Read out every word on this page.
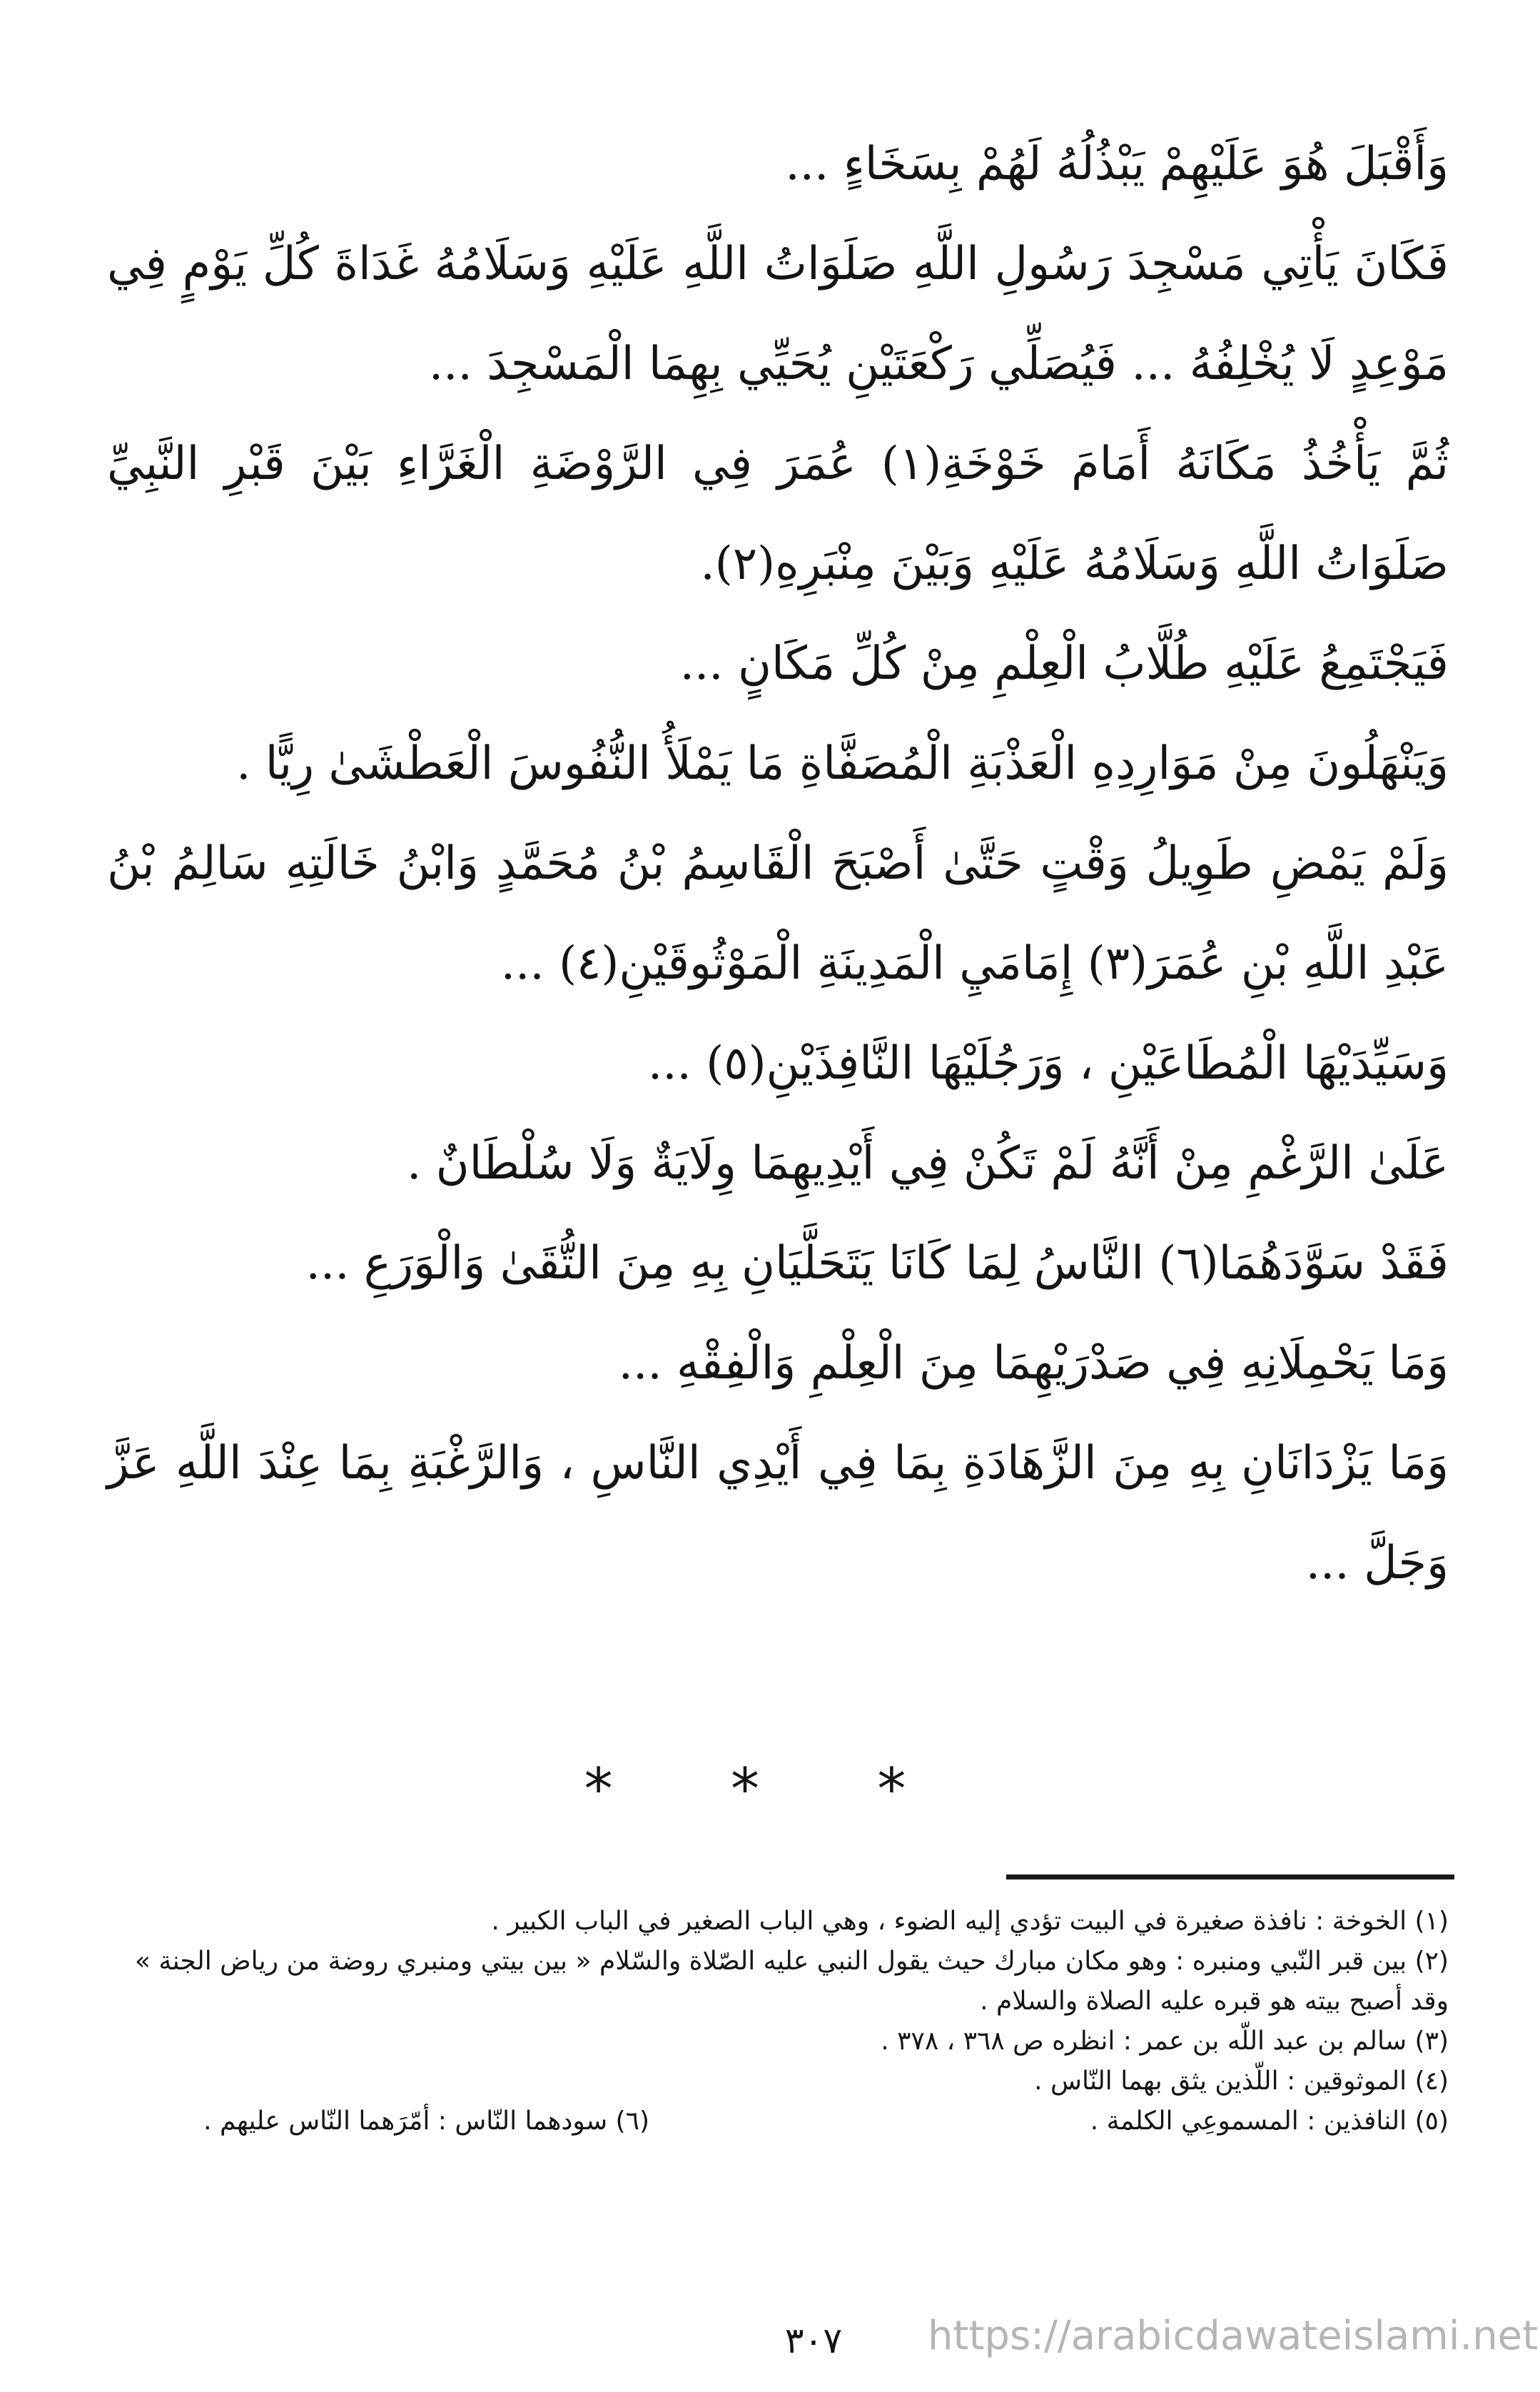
وَأَقْبَلَ هُوَ عَلَيْهِمْ يَبْذُلُهُ لَهُمْ بِسَخَاءٍ ...

فَكَانَ يَأْتِي مَسْجِدَ رَسُولِ اللَّهِ صَلَوَاتُ اللَّهِ عَلَيْهِ وَسَلَامُهُ غَدَاةَ كُلِّ يَوْمٍ فِي مَوْعِدٍ لَا يُخْلِفُهُ ... فَيُصَلِّي رَكْعَتَيْنِ يُحَيِّي بِهِمَا الْمَسْجِدَ ...

ثُمَّ يَأْخُذُ مَكَانَهُ أَمَامَ خَوْخَةِ(١) عُمَرَ فِي الرَّوْضَةِ الْغَرَّاءِ بَيْنَ قَبْرِ النَّبِيِّ صَلَوَاتُ اللَّهِ وَسَلَامُهُ عَلَيْهِ وَبَيْنَ مِنْبَرِهِ(٢).

فَيَجْتَمِعُ عَلَيْهِ طُلَّابُ الْعِلْمِ مِنْ كُلِّ مَكَانٍ ...

وَيَنْهَلُونَ مِنْ مَوَارِدِهِ الْعَذْبَةِ الْمُصَفَّاةِ مَا يَمْلَأُ النُّفُوسَ الْعَطْشَىٰ رِيًّا .

وَلَمْ يَمْضِ طَوِيلُ وَقْتٍ حَتَّىٰ أَصْبَحَ الْقَاسِمُ بْنُ مُحَمَّدٍ وَابْنُ خَالَتِهِ سَالِمُ بْنُ عَبْدِ اللَّهِ بْنِ عُمَرَ(٣) إِمَامَيِ الْمَدِينَةِ الْمَوْثُوقَيْنِ(٤) ...

وَسَيِّدَيْهَا الْمُطَاعَيْنِ ، وَرَجُلَيْهَا النَّافِذَيْنِ(٥) ...

عَلَىٰ الرَّغْمِ مِنْ أَنَّهُ لَمْ تَكُنْ فِي أَيْدِيهِمَا وِلَايَةٌ وَلَا سُلْطَانٌ .

فَقَدْ سَوَّدَهُمَا(٦) النَّاسُ لِمَا كَانَا يَتَحَلَّيَانِ بِهِ مِنَ التُّقَىٰ وَالْوَرَعِ ...

وَمَا يَحْمِلَانِهِ فِي صَدْرَيْهِمَا مِنَ الْعِلْمِ وَالْفِقْهِ ...

وَمَا يَزْدَانَانِ بِهِ مِنَ الزَّهَادَةِ بِمَا فِي أَيْدِي النَّاسِ ، وَالرَّغْبَةِ بِمَا عِنْدَ اللَّهِ عَزَّ وَجَلَّ ...

* * *

(١) الخوخة : نافذة صغيرة في البيت تؤدي إليه الضوء ، وهي الباب الصغير في الباب الكبير .

(٢) بين قبر النّبي ومنبره : وهو مكان مبارك حيث يقول النبي عليه الصّلاة والسّلام « بين بيتي ومنبري روضة من رياض الجنة » وقد أصبح بيته هو قبره عليه الصلاة والسلام .

(٣) سالم بن عبد اللّه بن عمر : انظره ص ٣٦٨ ، ٣٧٨ .

(٤) الموثوقين : اللّذين يثق بهما النّاس .

(٥) النافذين : المسموعِي الكلمة .
(٦) سودهما النّاس : أمّرَهما النّاس عليهم .
٣٠٧	https://arabicdawateislami.net
